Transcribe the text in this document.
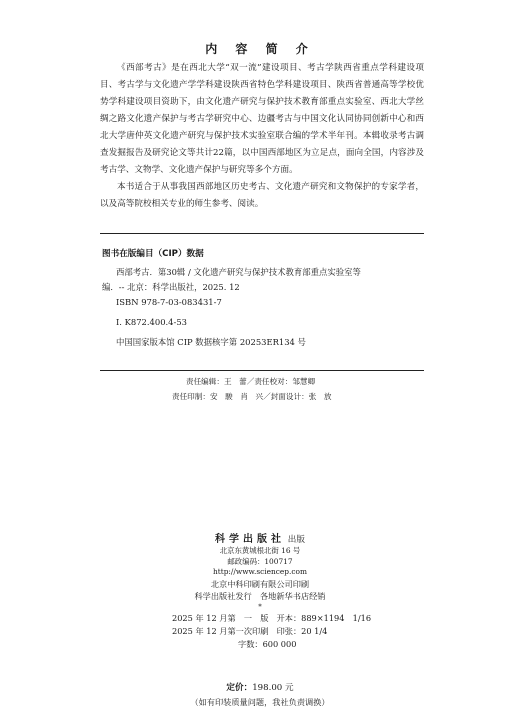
内 容 简 介

《西部考古》是在西北大学“双一流”建设项目、考古学陕西省重点学科建设项目、考古学与文化遗产学学科建设陕西省特色学科建设项目、陕西省普通高等学校优势学科建设项目资助下，由文化遗产研究与保护技术教育部重点实验室、西北大学丝绸之路文化遗产保护与考古学研究中心、边疆考古与中国文化认同协同创新中心和西北大学唐仲英文化遗产研究与保护技术实验室联合编的学术半年刊。本辑收录考古调查发掘报告及研究论文等共计22篇，以中国西部地区为立足点，面向全国，内容涉及考古学、文物学、文化遗产保护与研究等多个方面。

本书适合于从事我国西部地区历史考古、文化遗产研究和文物保护的专家学者，以及高等院校相关专业的师生参考、阅读。

图书在版编目（CIP）数据
西部考古．第30辑 / 文化遗产研究与保护技术教育部重点实验室等
编．-- 北京：科学出版社，2025. 12
ISBN 978-7-03-083431-7
Ⅰ. K872.400.4-53
中国国家版本馆 CIP 数据核字第 20253ER134 号
责任编辑：王　蕾／责任校对：邹慧卿
责任印制：安　駿　肖　兴／封面设计：张　放
科学出版社 出版
北京东黄城根北街 16 号
邮政编码：100717
http://www.sciencep.com
北京中科印刷有限公司印刷
科学出版社发行　各地新华书店经销
*
2025 年 12 月第　一　版　开本：889×1194　1/16
2025 年 12 月第一次印刷　印张：20 1/4
字数：600 000
定价：198.00 元
（如有印装质量问题，我社负责调换）
